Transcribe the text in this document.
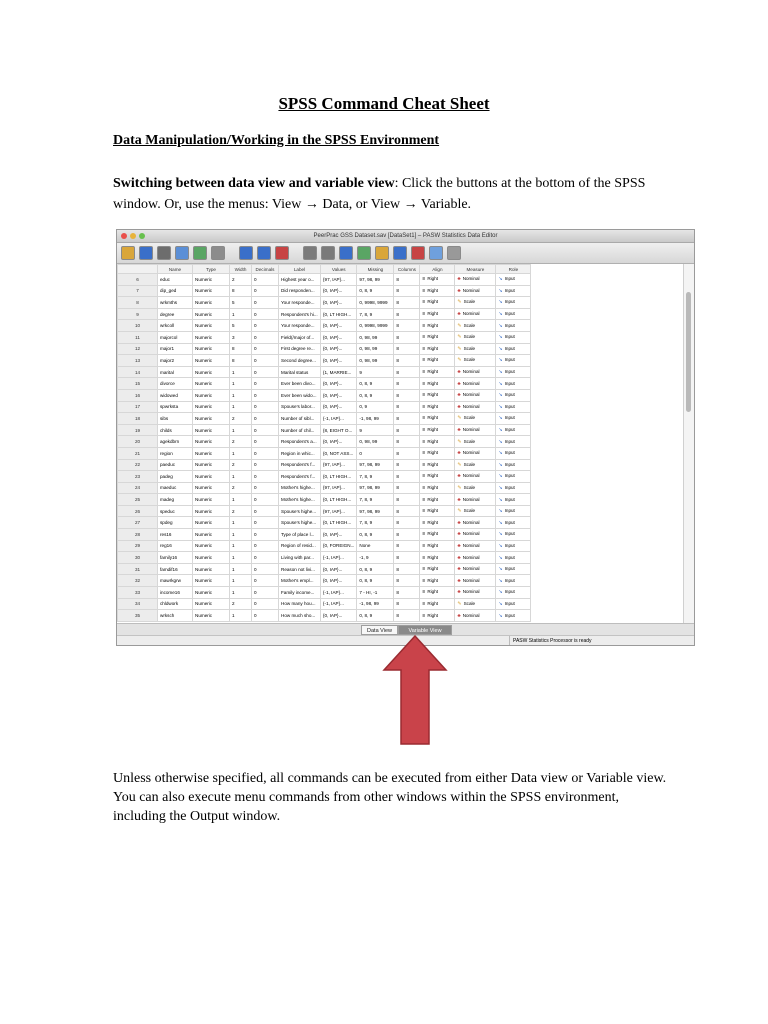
SPSS Command Cheat Sheet
Data Manipulation/Working in the SPSS Environment
Switching between data view and variable view: Click the buttons at the bottom of the SPSS window. Or, use the menus: View → Data, or View → Variable.
PeerPrac GSS Dataset.sav [DataSet1] – PASW Statistics Data Editor
	Name	Type	Width	Decimals	Label	Values	Missing	Columns	Align	Measure	Role
6	educ	Numeric	2	0	Highest year o...	{97, IAP}...	97, 98, 99	8	≡ Right	♣ Nominal	↘ Input
7	dip_ged	Numeric	8	0	Did responden...	{0, IAP}...	0, 8, 9	8	≡ Right	♣ Nominal	↘ Input
8	wrkmths	Numeric	5	0	Your responde...	{0, IAP}...	0, 9998, 9999	8	≡ Right	✎ Scale	↘ Input
9	degree	Numeric	1	0	Respondent's hi...	{0, LT HIGH...	7, 8, 9	8	≡ Right	♣ Nominal	↘ Input
10	wrkcoll	Numeric	5	0	Your responde...	{0, IAP}...	0, 9998, 9999	8	≡ Right	✎ Scale	↘ Input
11	majorcol	Numeric	3	0	Field(/major of...	{0, IAP}...	0, 98, 99	8	≡ Right	✎ Scale	↘ Input
12	major1	Numeric	8	0	First degree re...	{0, IAP}...	0, 98, 99	8	≡ Right	✎ Scale	↘ Input
13	major2	Numeric	8	0	Second degree...	{0, IAP}...	0, 98, 99	8	≡ Right	✎ Scale	↘ Input
14	marital	Numeric	1	0	Marital status	{1, MARRIE...	9	8	≡ Right	♣ Nominal	↘ Input
15	divorce	Numeric	1	0	Ever been divo...	{0, IAP}...	0, 8, 9	8	≡ Right	♣ Nominal	↘ Input
16	widowed	Numeric	1	0	Ever been wido...	{0, IAP}...	0, 8, 9	8	≡ Right	♣ Nominal	↘ Input
17	spwrksta	Numeric	1	0	Spouse's labor...	{0, IAP}...	0, 9	8	≡ Right	♣ Nominal	↘ Input
18	sibs	Numeric	2	0	Number of sibl...	{-1, IAP}...	-1, 98, 99	8	≡ Right	✎ Scale	↘ Input
19	childs	Numeric	1	0	Number of chil...	{8, EIGHT O...	9	8	≡ Right	♣ Nominal	↘ Input
20	agekdbrn	Numeric	2	0	Respondent's a...	{0, IAP}...	0, 98, 99	8	≡ Right	✎ Scale	↘ Input
21	region	Numeric	1	0	Region in whic...	{0, NOT ASS...	0	8	≡ Right	♣ Nominal	↘ Input
22	paeduc	Numeric	2	0	Respondent's f...	{97, IAP}...	97, 98, 99	8	≡ Right	✎ Scale	↘ Input
23	padeg	Numeric	1	0	Respondent's f...	{0, LT HIGH...	7, 8, 9	8	≡ Right	♣ Nominal	↘ Input
24	maeduc	Numeric	2	0	Mother's highe...	{97, IAP}...	97, 98, 99	8	≡ Right	✎ Scale	↘ Input
25	madeg	Numeric	1	0	Mother's highe...	{0, LT HIGH...	7, 8, 9	8	≡ Right	♣ Nominal	↘ Input
26	speduc	Numeric	2	0	Spouse's highe...	{97, IAP}...	97, 98, 99	8	≡ Right	✎ Scale	↘ Input
27	spdeg	Numeric	1	0	Spouse's highe...	{0, LT HIGH...	7, 8, 9	8	≡ Right	♣ Nominal	↘ Input
28	res16	Numeric	1	0	Type of place l...	{0, IAP}...	0, 8, 9	8	≡ Right	♣ Nominal	↘ Input
29	reg16	Numeric	1	0	Region of resid...	{0, FOREIGN...	None	8	≡ Right	♣ Nominal	↘ Input
30	family16	Numeric	1	0	Living with par...	{-1, IAP}...	-1, 9	8	≡ Right	♣ Nominal	↘ Input
31	famdif16	Numeric	1	0	Reason not livi...	{0, IAP}...	0, 8, 9	8	≡ Right	♣ Nominal	↘ Input
32	mawrkgrw	Numeric	1	0	Mother's empl...	{0, IAP}...	0, 8, 9	8	≡ Right	♣ Nominal	↘ Input
33	income16	Numeric	1	0	Family income...	{-1, IAP}...	7 - HI, -1	8	≡ Right	♣ Nominal	↘ Input
34	chldwork	Numeric	2	0	How many hou...	{-1, IAP}...	-1, 98, 99	8	≡ Right	✎ Scale	↘ Input
35	wrksch	Numeric	1	0	How much sho...	{0, IAP}...	0, 8, 9	8	≡ Right	♣ Nominal	↘ Input
Data View	Variable View
PASW Statistics Processor is ready
Unless otherwise specified, all commands can be executed from either Data view or Variable view. You can also execute menu commands from other windows within the SPSS environment, including the Output window.
